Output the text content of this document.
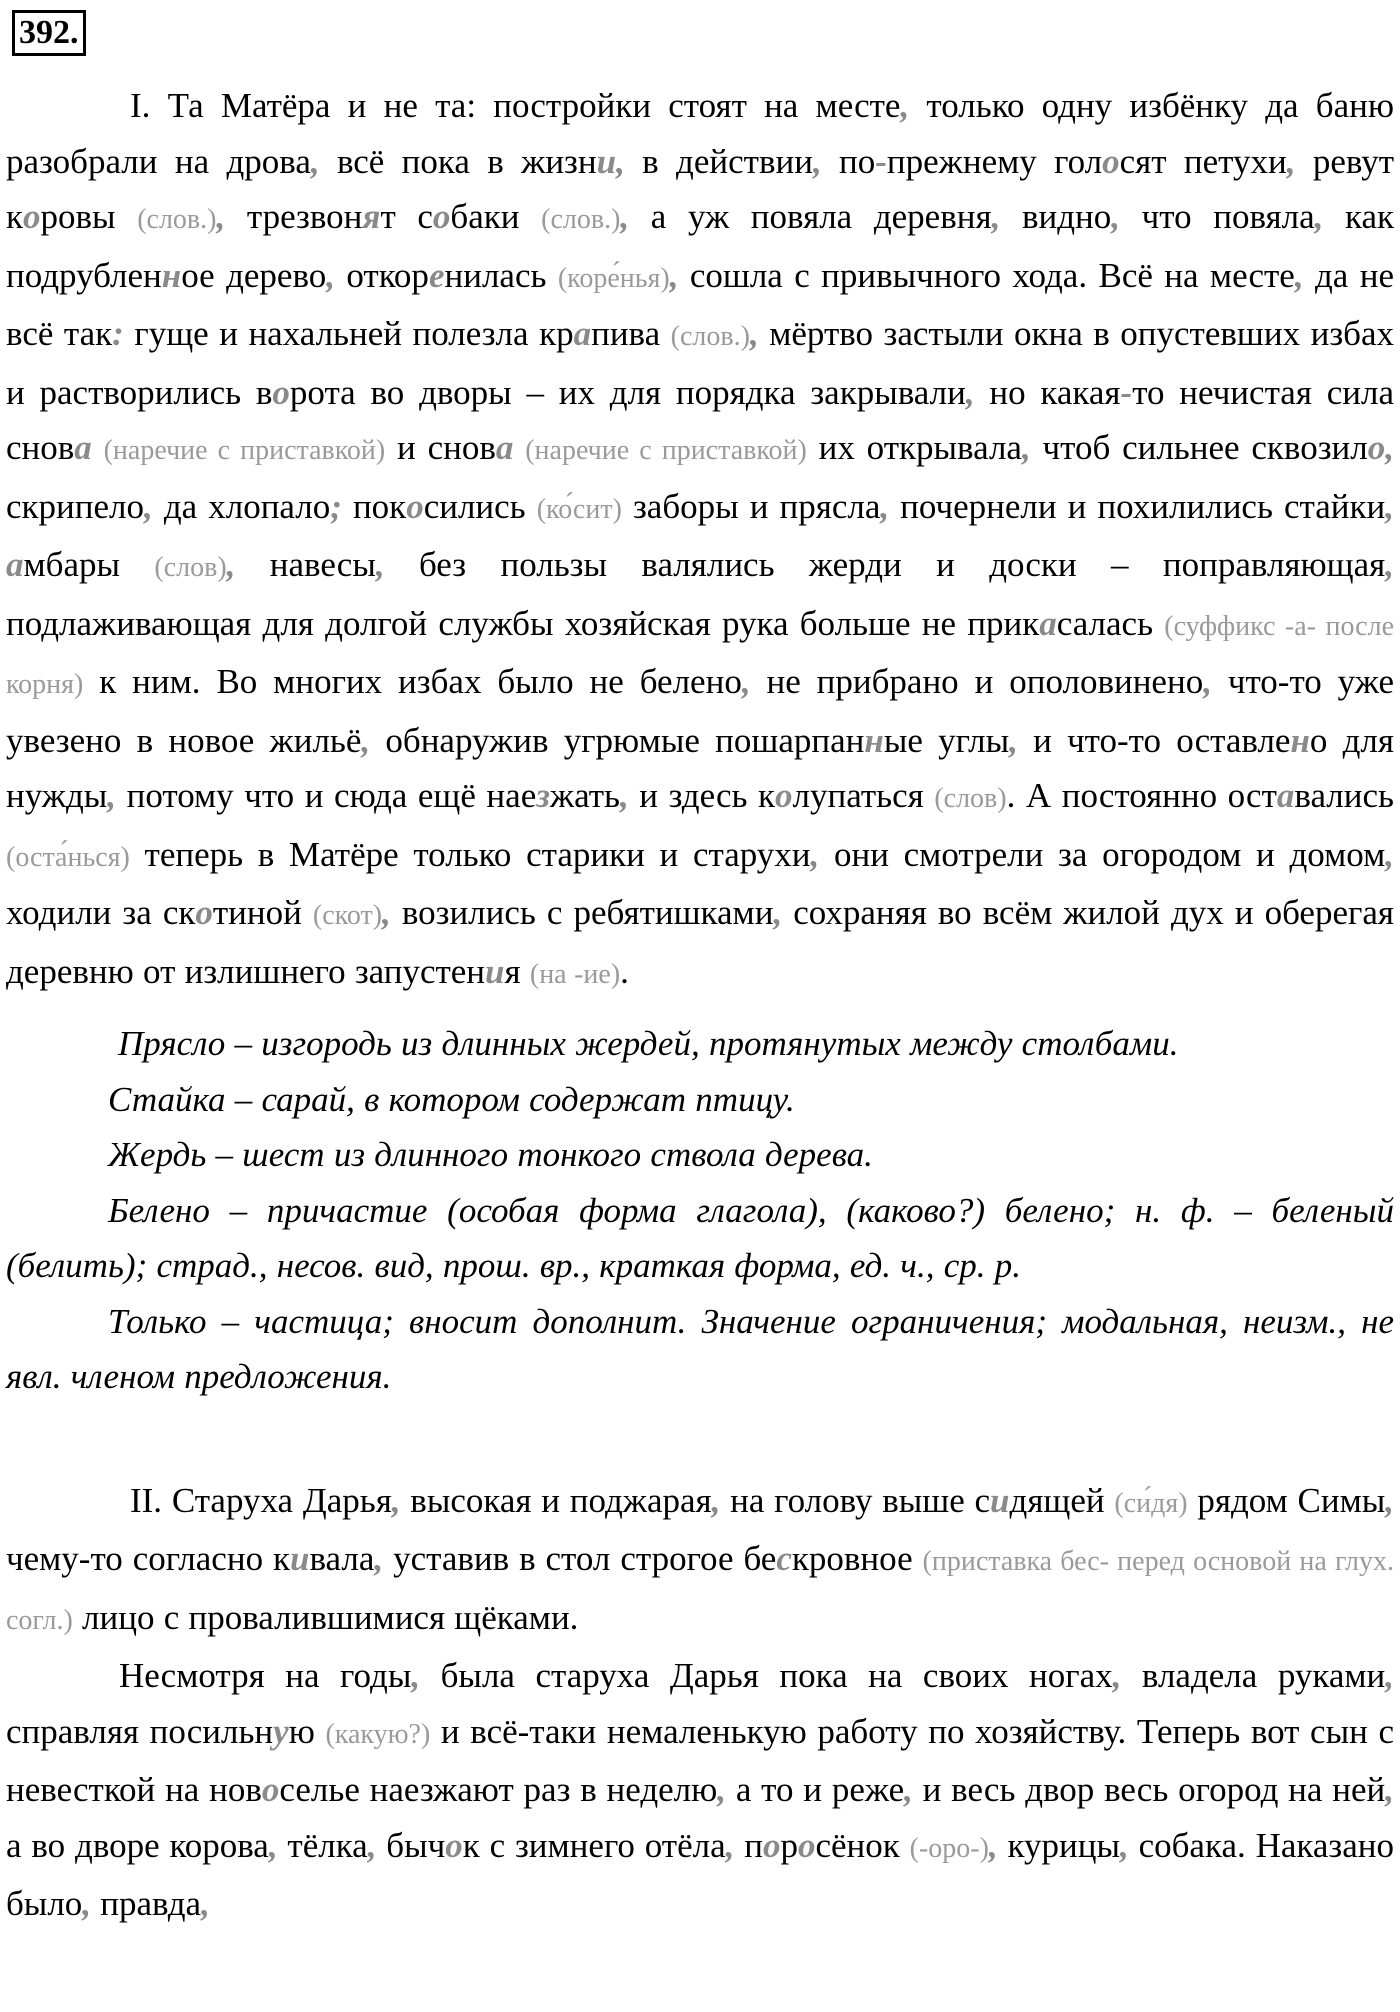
392.

I. Та Матёра и не та: постройки стоят на месте, только одну избёнку да баню разобрали на дрова, всё пока в жизни, в действии, по-прежнему голосят петухи, ревут коровы (слов.), трезвонят собаки (слов.), а уж повяла деревня, видно, что повяла, как подрубленное дерево, откоренилась (коре́нья), сошла с привычного хода. Всё на месте, да не всё так: гуще и нахальней полезла крапива (слов.), мёртво застыли окна в опустевших избах и растворились ворота во дворы – их для порядка закрывали, но какая-то нечистая сила снова (наречие с приставкой) и снова (наречие с приставкой) их открывала, чтоб сильнее сквозило, скрипело, да хлопало; покосились (ко́сит) заборы и прясла, почернели и похилились стайки, амбары (слов), навесы, без пользы валялись жерди и доски – поправляющая, подлаживающая для долгой службы хозяйская рука больше не прикасалась (суффикс -а- после корня) к ним. Во многих избах было не белено, не прибрано и ополовинено, что-то уже увезено в новое жильё, обнаружив угрюмые пошарпанные углы, и что-то оставлено для нужды, потому что и сюда ещё наезжать, и здесь колупаться (слов). А постоянно оставались (оста́нься) теперь в Матёре только старики и старухи, они смотрели за огородом и домом, ходили за скотиной (скот), возились с ребятишками, сохраняя во всём жилой дух и оберегая деревню от излишнего запустения (на -ие).

Прясло – изгородь из длинных жердей, протянутых между столбами.

Стайка – сарай, в котором содержат птицу.

Жердь – шест из длинного тонкого ствола дерева.

Белено – причастие (особая форма глагола), (каково?) белено; н. ф. – беленый (белить); страд., несов. вид, прош. вр., краткая форма, ед. ч., ср. р.

Только – частица; вносит дополнит. Значение ограничения; модальная, неизм., не явл. членом предложения.

II. Старуха Дарья, высокая и поджарая, на голову выше сидящей (си́дя) рядом Симы, чему-то согласно кивала, уставив в стол строгое бескровное (приставка бес- перед основой на глух. согл.) лицо с провалившимися щёками.

Несмотря на годы, была старуха Дарья пока на своих ногах, владела руками, справляя посильную (какую?) и всё-таки немаленькую работу по хозяйству. Теперь вот сын с невесткой на новоселье наезжают раз в неделю, а то и реже, и весь двор весь огород на ней, а во дворе корова, тёлка, бычок с зимнего отёла, поросёнок (-оро-), курицы, собака. Наказано было, правда,
